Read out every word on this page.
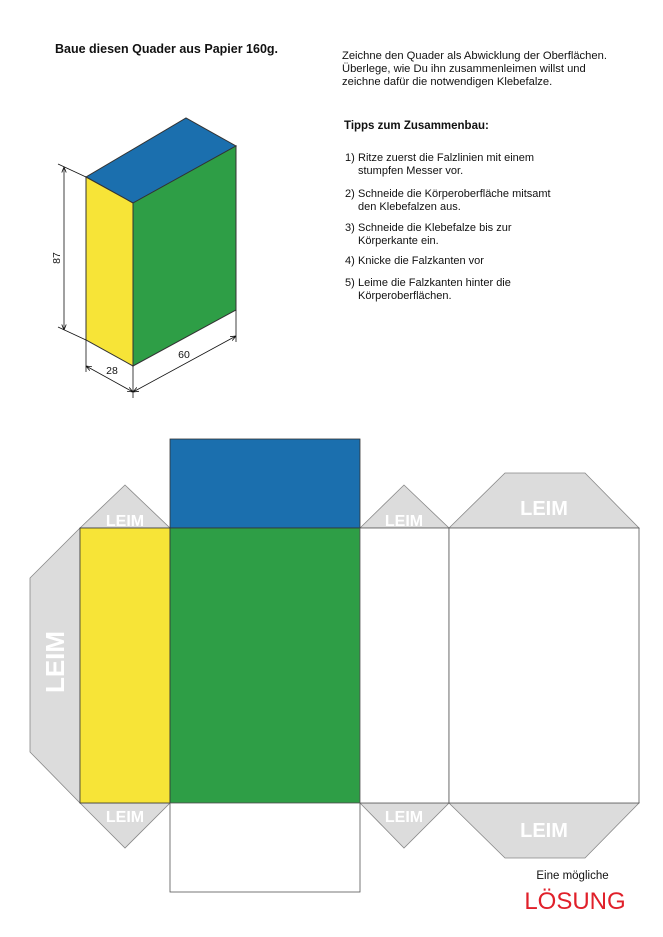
Baue diesen Quader aus Papier 160g.	Zeichne den Quader als Abwicklung der Oberflächen.
Überlege, wie Du ihn zusammenleimen willst und
zeichne dafür die notwendigen Klebefalze.
Tipps zum Zusammenbau:
1) Ritze zuerst die Falzlinien mit einem
stumpfen Messer vor.
2) Schneide die Körperoberfläche mitsamt
den Klebefalzen aus.
3) Schneide die Klebefalze bis zur
Körperkante ein.
4) Knicke die Falzkanten vor
5) Leime die Falzkanten hinter die
Körperoberflächen.
87
28
60
LEIM
LEIM
LEIM
LEIM
LEIM
LEIM
LEIM
Eine mögliche
LÖSUNG
